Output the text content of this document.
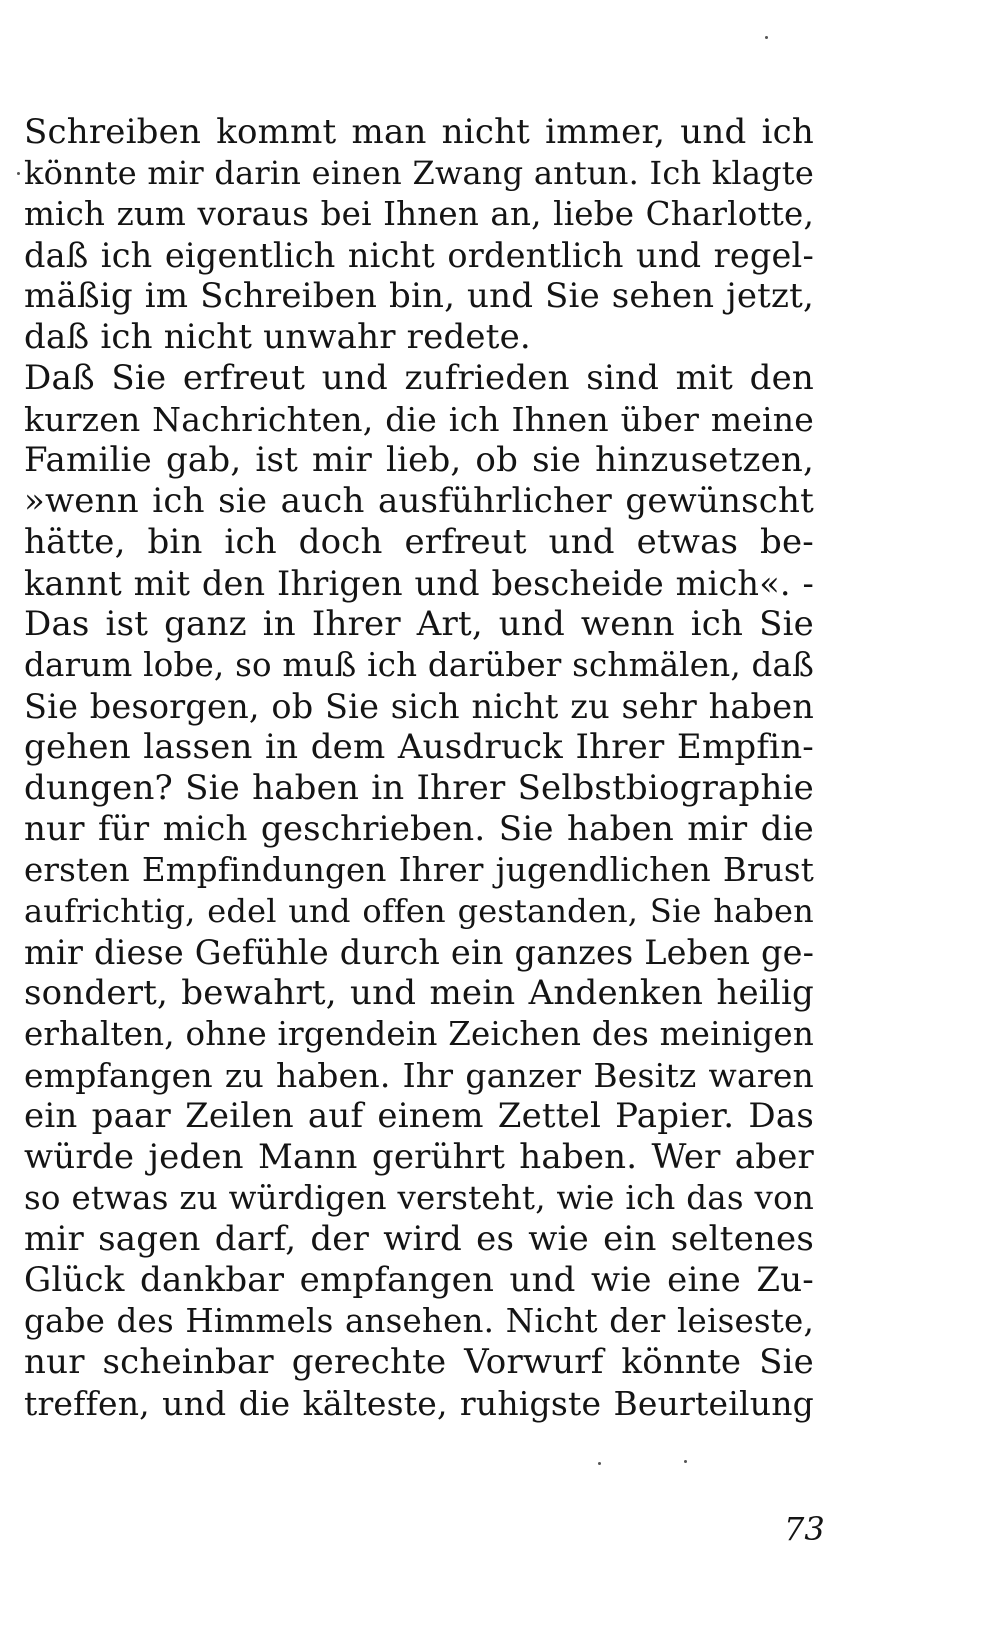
Schreiben kommt man nicht immer, und ich
könnte mir darin einen Zwang antun. Ich klagte
mich zum voraus bei Ihnen an, liebe Charlotte,
daß ich eigentlich nicht ordentlich und regel-
mäßig im Schreiben bin, und Sie sehen jetzt,
daß ich nicht unwahr redete.
Daß Sie erfreut und zufrieden sind mit den
kurzen Nachrichten, die ich Ihnen über meine
Familie gab, ist mir lieb, ob sie hinzusetzen,
»wenn ich sie auch ausführlicher gewünscht
hätte, bin ich doch erfreut und etwas be-
kannt mit den Ihrigen und bescheide mich«. -
Das ist ganz in Ihrer Art, und wenn ich Sie
darum lobe, so muß ich darüber schmälen, daß
Sie besorgen, ob Sie sich nicht zu sehr haben
gehen lassen in dem Ausdruck Ihrer Empfin-
dungen? Sie haben in Ihrer Selbstbiographie
nur für mich geschrieben. Sie haben mir die
ersten Empfindungen Ihrer jugendlichen Brust
aufrichtig, edel und offen gestanden, Sie haben
mir diese Gefühle durch ein ganzes Leben ge-
sondert, bewahrt, und mein Andenken heilig
erhalten, ohne irgendein Zeichen des meinigen
empfangen zu haben. Ihr ganzer Besitz waren
ein paar Zeilen auf einem Zettel Papier. Das
würde jeden Mann gerührt haben. Wer aber
so etwas zu würdigen versteht, wie ich das von
mir sagen darf, der wird es wie ein seltenes
Glück dankbar empfangen und wie eine Zu-
gabe des Himmels ansehen. Nicht der leiseste,
nur scheinbar gerechte Vorwurf könnte Sie
treffen, und die kälteste, ruhigste Beurteilung
73
